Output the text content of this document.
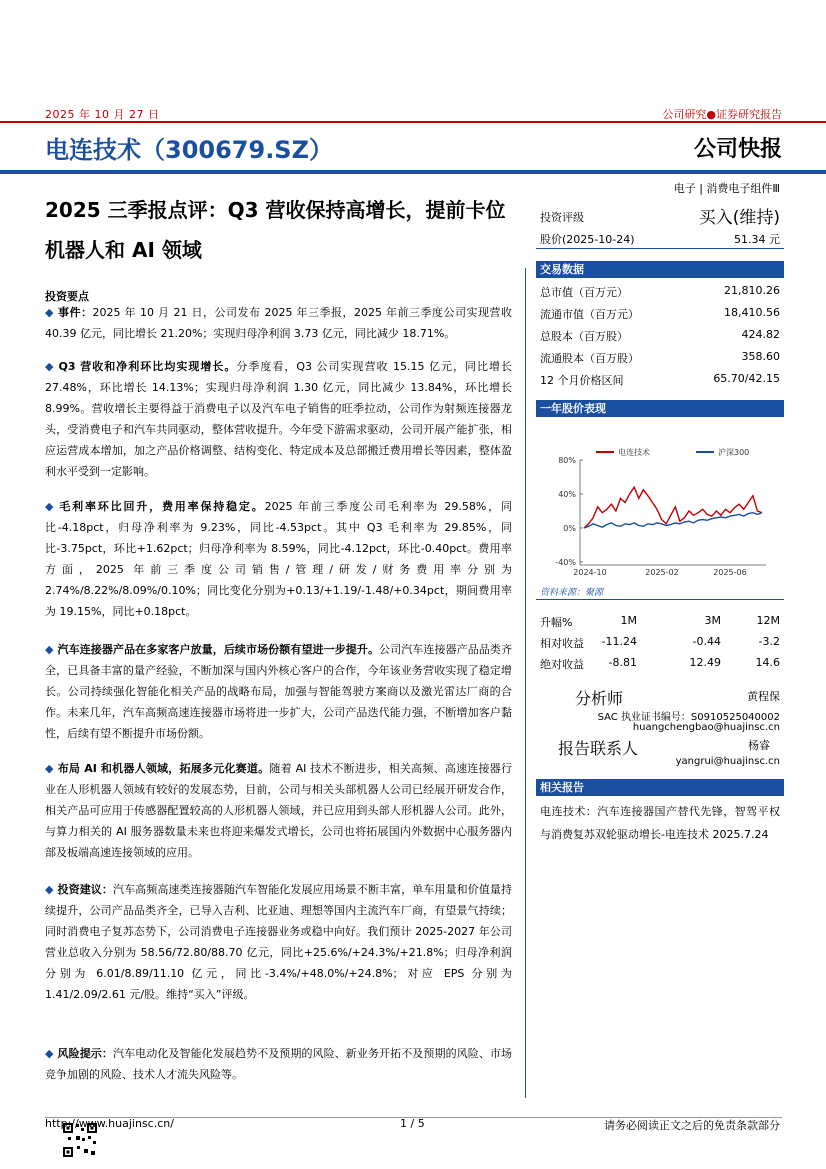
2025 年 10 月 27 日	公司研究●证券研究报告
电连技术（300679.SZ）	公司快报
2025 三季报点评：Q3 营收保持高增长，提前卡位机器人和 AI 领域
电子 | 消费电子组件Ⅲ
投资评级	买入(维持)
股价(2025-10-24)	51.34 元
交易数据
总市值（百万元）	21,810.26
流通市值（百万元）	18,410.56
总股本（百万股）	424.82
流通股本（百万股）	358.60
12 个月价格区间	65.70/42.15
一年股价表现
80%
40%
0%
-40%
2024-10	2025-02	2025-06
电连技术	沪深300
资料来源：聚源
升幅%	1M	3M	12M
相对收益 -11.24	-0.44	-3.2
绝对收益 -8.81	12.49	14.6
分析师	黄程保
SAC 执业证书编号：S0910525040002
huangchengbao@huajinsc.cn
报告联系人	杨睿
yangrui@huajinsc.cn
相关报告
电连技术：汽车连接器国产替代先锋，智驾平权与消费复苏双轮驱动增长-电连技术 2025.7.24
投资要点
◆ 事件：2025 年 10 月 21 日，公司发布 2025 年三季报，2025 年前三季度公司实现营收 40.39 亿元，同比增长 21.20%；实现归母净利润 3.73 亿元，同比减少 18.71%。
◆ Q3 营收和净利环比均实现增长。分季度看，Q3 公司实现营收 15.15 亿元，同比增长 27.48%，环比增长 14.13%；实现归母净利润 1.30 亿元，同比减少 13.84%，环比增长 8.99%。营收增长主要得益于消费电子以及汽车电子销售的旺季拉动，公司作为射频连接器龙头，受消费电子和汽车共同驱动，整体营收提升。今年受下游需求驱动，公司开展产能扩张，相应运营成本增加，加之产品价格调整、结构变化、特定成本及总部搬迁费用增长等因素，整体盈利水平受到一定影响。
◆ 毛利率环比回升，费用率保持稳定。2025 年前三季度公司毛利率为 29.58%，同比-4.18pct，归母净利率为 9.23%，同比-4.53pct。其中 Q3 毛利率为 29.85%，同比-3.75pct，环比+1.62pct；归母净利率为 8.59%，同比-4.12pct，环比-0.40pct。费用率方面，2025 年前三季度公司销售/管理/研发/财务费用率分别为 2.74%/8.22%/8.09%/0.10%；同比变化分别为+0.13/+1.19/-1.48/+0.34pct，期间费用率为 19.15%，同比+0.18pct。
◆ 汽车连接器产品在多家客户放量，后续市场份额有望进一步提升。公司汽车连接器产品品类齐全，已具备丰富的量产经验，不断加深与国内外核心客户的合作，今年该业务营收实现了稳定增长。公司持续强化智能化相关产品的战略布局，加强与智能驾驶方案商以及激光雷达厂商的合作。未来几年，汽车高频高速连接器市场将进一步扩大，公司产品迭代能力强，不断增加客户黏性，后续有望不断提升市场份额。
◆ 布局 AI 和机器人领域，拓展多元化赛道。随着 AI 技术不断进步，相关高频、高速连接器行业在人形机器人领域有较好的发展态势，目前，公司与相关头部机器人公司已经展开研发合作，相关产品可应用于传感器配置较高的人形机器人领域，并已应用到头部人形机器人公司。此外，与算力相关的 AI 服务器数量未来也将迎来爆发式增长，公司也将拓展国内外数据中心服务器内部及板端高速连接领域的应用。
◆ 投资建议：汽车高频高速类连接器随汽车智能化发展应用场景不断丰富，单车用量和价值量持续提升，公司产品品类齐全，已导入吉利、比亚迪、理想等国内主流汽车厂商，有望景气持续；同时消费电子复苏态势下，公司消费电子连接器业务或稳中向好。我们预计 2025-2027 年公司营业总收入分别为 58.56/72.80/88.70 亿元，同比+25.6%/+24.3%/+21.8%；归母净利润分别为 6.01/8.89/11.10 亿元，同比-3.4%/+48.0%/+24.8%；对应 EPS 分别为 1.41/2.09/2.61 元/股。维持“买入”评级。
◆ 风险提示：汽车电动化及智能化发展趋势不及预期的风险、新业务开拓不及预期的风险、市场竞争加剧的风险、技术人才流失风险等。
http://www.huajinsc.cn/	1 / 5	请务必阅读正文之后的免责条款部分
